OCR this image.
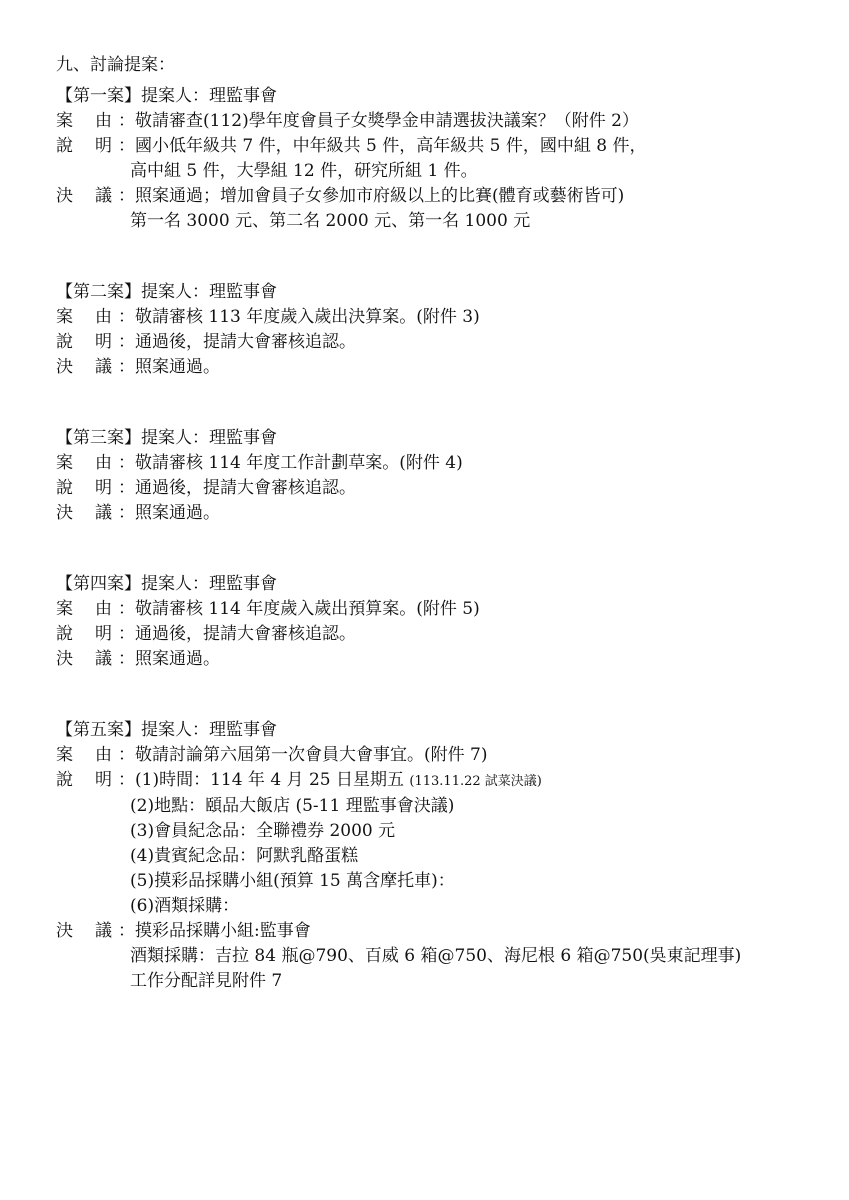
九、討論提案：
【第一案】提案人：理監事會
案 由 ：敬請審查(112)學年度會員子女獎學金申請選拔決議案？（附件 2）
說 明 ：國小低年級共 7 件，中年級共 5 件，高年級共 5 件，國中組 8 件，
高中組 5 件，大學組 12 件，研究所組 1 件。
決 議 ：照案通過；增加會員子女參加市府級以上的比賽(體育或藝術皆可)
第一名 3000 元、第二名 2000 元、第一名 1000 元
【第二案】提案人：理監事會
案 由 ：敬請審核 113 年度歲入歲出決算案。(附件 3)
說 明 ：通過後，提請大會審核追認。
決 議 ：照案通過。
【第三案】提案人：理監事會
案 由 ：敬請審核 114 年度工作計劃草案。(附件 4)
說 明 ：通過後，提請大會審核追認。
決 議 ：照案通過。
【第四案】提案人：理監事會
案 由 ：敬請審核 114 年度歲入歲出預算案。(附件 5)
說 明 ：通過後，提請大會審核追認。
決 議 ：照案通過。
【第五案】提案人：理監事會
案 由 ：敬請討論第六屆第一次會員大會事宜。(附件 7)
說 明 ：(1)時間：114 年 4 月 25 日星期五 (113.11.22 試菜決議)
(2)地點：頤品大飯店 (5-11 理監事會決議)
(3)會員紀念品：全聯禮券 2000 元
(4)貴賓紀念品：阿默乳酪蛋糕
(5)摸彩品採購小組(預算 15 萬含摩托車)：
(6)酒類採購：
決 議 ：摸彩品採購小組:監事會
酒類採購：吉拉 84 瓶@790、百威 6 箱@750、海尼根 6 箱@750(吳東記理事)
工作分配詳見附件 7
